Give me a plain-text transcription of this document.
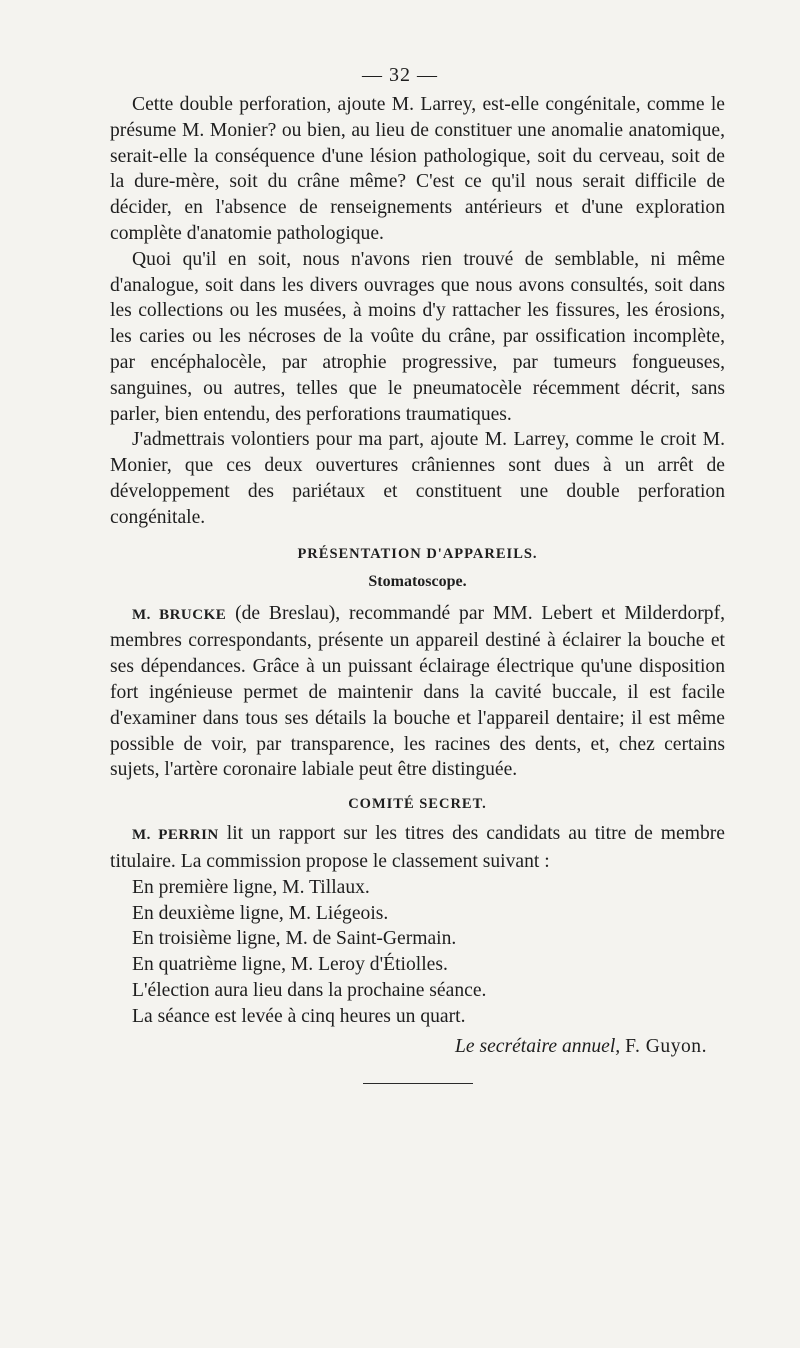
— 32 —

Cette double perforation, ajoute M. Larrey, est-elle congénitale, comme le présume M. Monier? ou bien, au lieu de constituer une anomalie anatomique, serait-elle la conséquence d'une lésion pathologique, soit du cerveau, soit de la dure-mère, soit du crâne même? C'est ce qu'il nous serait difficile de décider, en l'absence de renseignements antérieurs et d'une exploration complète d'anatomie pathologique.

Quoi qu'il en soit, nous n'avons rien trouvé de semblable, ni même d'analogue, soit dans les divers ouvrages que nous avons consultés, soit dans les collections ou les musées, à moins d'y rattacher les fissures, les érosions, les caries ou les nécroses de la voûte du crâne, par ossification incomplète, par encéphalocèle, par atrophie progressive, par tumeurs fongueuses, sanguines, ou autres, telles que le pneumatocèle récemment décrit, sans parler, bien entendu, des perforations traumatiques.

J'admettrais volontiers pour ma part, ajoute M. Larrey, comme le croit M. Monier, que ces deux ouvertures crâniennes sont dues à un arrêt de développement des pariétaux et constituent une double perforation congénitale.

PRÉSENTATION D'APPAREILS.
Stomatoscope.

M. BRUCKE (de Breslau), recommandé par MM. Lebert et Milderdorpf, membres correspondants, présente un appareil destiné à éclairer la bouche et ses dépendances. Grâce à un puissant éclairage électrique qu'une disposition fort ingénieuse permet de maintenir dans la cavité buccale, il est facile d'examiner dans tous ses détails la bouche et l'appareil dentaire; il est même possible de voir, par transparence, les racines des dents, et, chez certains sujets, l'artère coronaire labiale peut être distinguée.

COMITÉ SECRET.

M. PERRIN lit un rapport sur les titres des candidats au titre de membre titulaire. La commission propose le classement suivant :

En première ligne, M. Tillaux.

En deuxième ligne, M. Liégeois.

En troisième ligne, M. de Saint-Germain.

En quatrième ligne, M. Leroy d'Étiolles.

L'élection aura lieu dans la prochaine séance.

La séance est levée à cinq heures un quart.

Le secrétaire annuel, F. Guyon.
